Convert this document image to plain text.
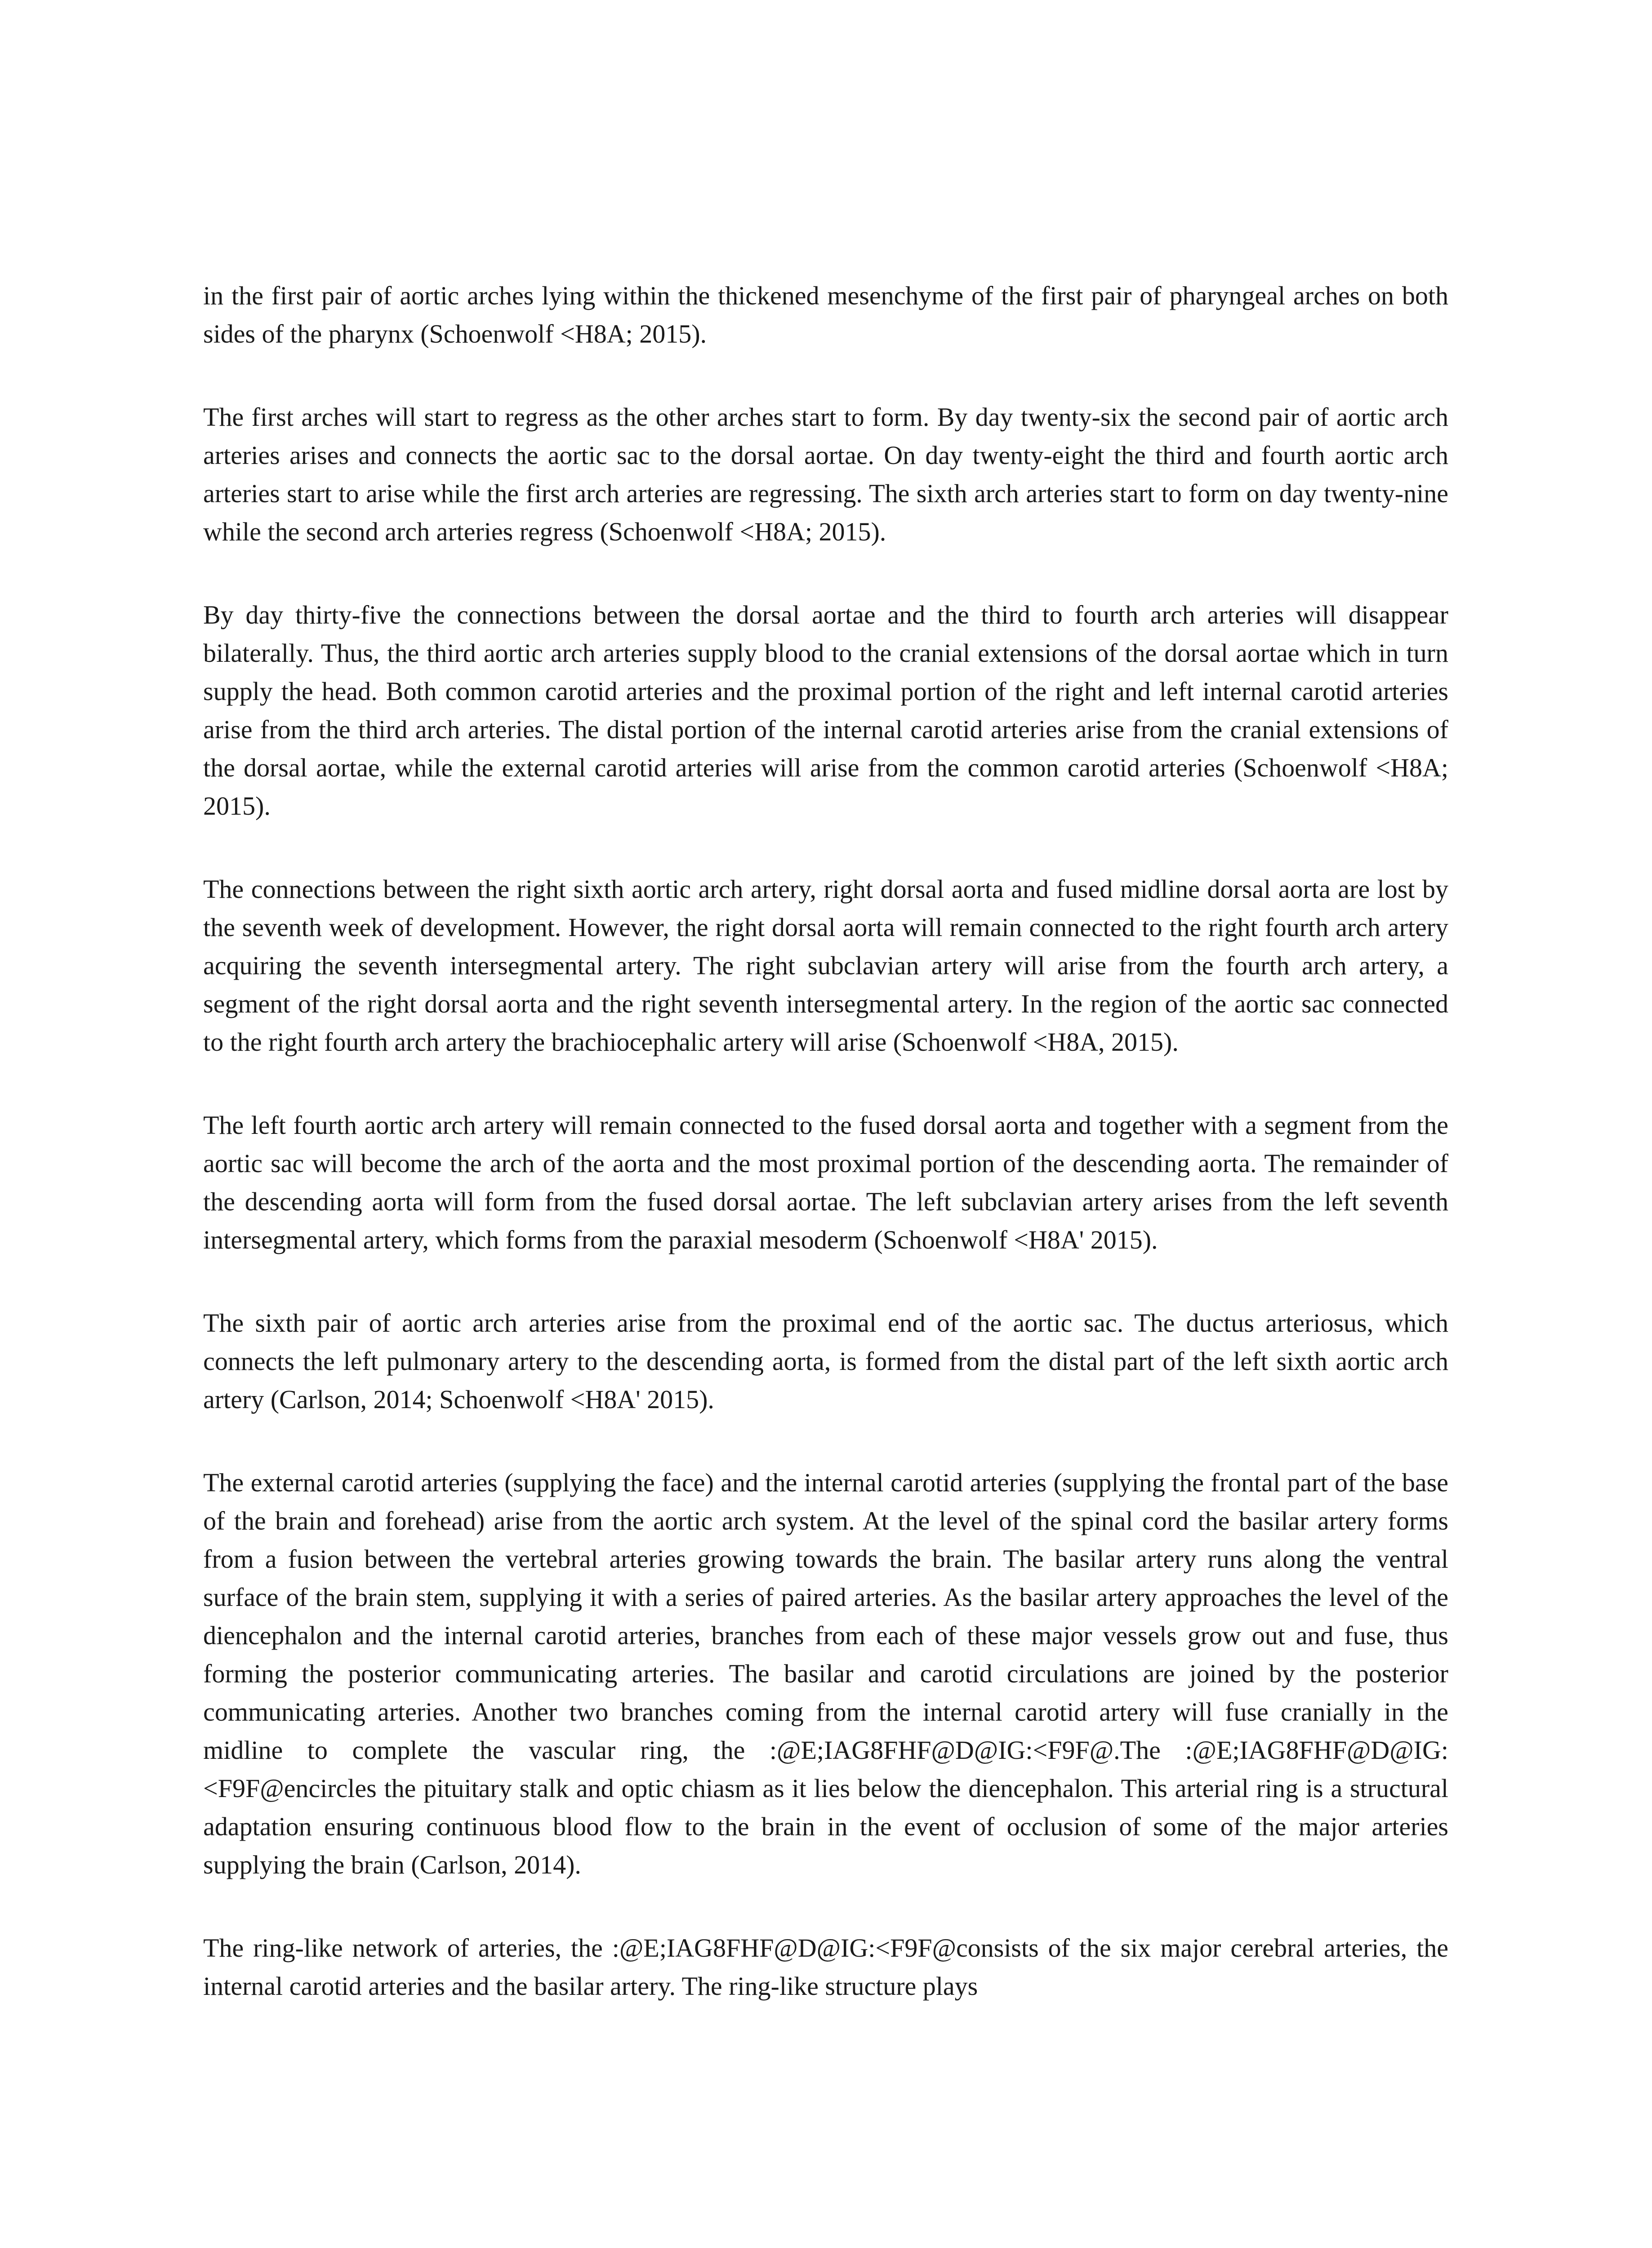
in the first pair of aortic arches lying within the thickened mesenchyme of the first pair of pharyngeal arches on both sides of the pharynx (Schoenwolf <H8A; 2015).

The first arches will start to regress as the other arches start to form. By day twenty-six the second pair of aortic arch arteries arises and connects the aortic sac to the dorsal aortae. On day twenty-eight the third and fourth aortic arch arteries start to arise while the first arch arteries are regressing. The sixth arch arteries start to form on day twenty-nine while the second arch arteries regress (Schoenwolf <H8A; 2015).

By day thirty-five the connections between the dorsal aortae and the third to fourth arch arteries will disappear bilaterally. Thus, the third aortic arch arteries supply blood to the cranial extensions of the dorsal aortae which in turn supply the head. Both common carotid arteries and the proximal portion of the right and left internal carotid arteries arise from the third arch arteries. The distal portion of the internal carotid arteries arise from the cranial extensions of the dorsal aortae, while the external carotid arteries will arise from the common carotid arteries (Schoenwolf <H8A; 2015).

The connections between the right sixth aortic arch artery, right dorsal aorta and fused midline dorsal aorta are lost by the seventh week of development. However, the right dorsal aorta will remain connected to the right fourth arch artery acquiring the seventh intersegmental artery. The right subclavian artery will arise from the fourth arch artery, a segment of the right dorsal aorta and the right seventh intersegmental artery. In the region of the aortic sac connected to the right fourth arch artery the brachiocephalic artery will arise (Schoenwolf <H8A, 2015).

The left fourth aortic arch artery will remain connected to the fused dorsal aorta and together with a segment from the aortic sac will become the arch of the aorta and the most proximal portion of the descending aorta. The remainder of the descending aorta will form from the fused dorsal aortae. The left subclavian artery arises from the left seventh intersegmental artery, which forms from the paraxial mesoderm (Schoenwolf <H8A' 2015).

The sixth pair of aortic arch arteries arise from the proximal end of the aortic sac. The ductus arteriosus, which connects the left pulmonary artery to the descending aorta, is formed from the distal part of the left sixth aortic arch artery (Carlson, 2014; Schoenwolf <H8A' 2015).

The external carotid arteries (supplying the face) and the internal carotid arteries (supplying the frontal part of the base of the brain and forehead) arise from the aortic arch system. At the level of the spinal cord the basilar artery forms from a fusion between the vertebral arteries growing towards the brain. The basilar artery runs along the ventral surface of the brain stem, supplying it with a series of paired arteries. As the basilar artery approaches the level of the diencephalon and the internal carotid arteries, branches from each of these major vessels grow out and fuse, thus forming the posterior communicating arteries. The basilar and carotid circulations are joined by the posterior communicating arteries. Another two branches coming from the internal carotid artery will fuse cranially in the midline to complete the vascular ring, the :@E;IAG8FHF@D@IG:<F9F@.The :@E;IAG8FHF@D@IG:<F9F@encircles the pituitary stalk and optic chiasm as it lies below the diencephalon. This arterial ring is a structural adaptation ensuring continuous blood flow to the brain in the event of occlusion of some of the major arteries supplying the brain (Carlson, 2014).

The ring-like network of arteries, the :@E;IAG8FHF@D@IG:<F9F@consists of the six major cerebral arteries, the internal carotid arteries and the basilar artery. The ring-like structure plays
